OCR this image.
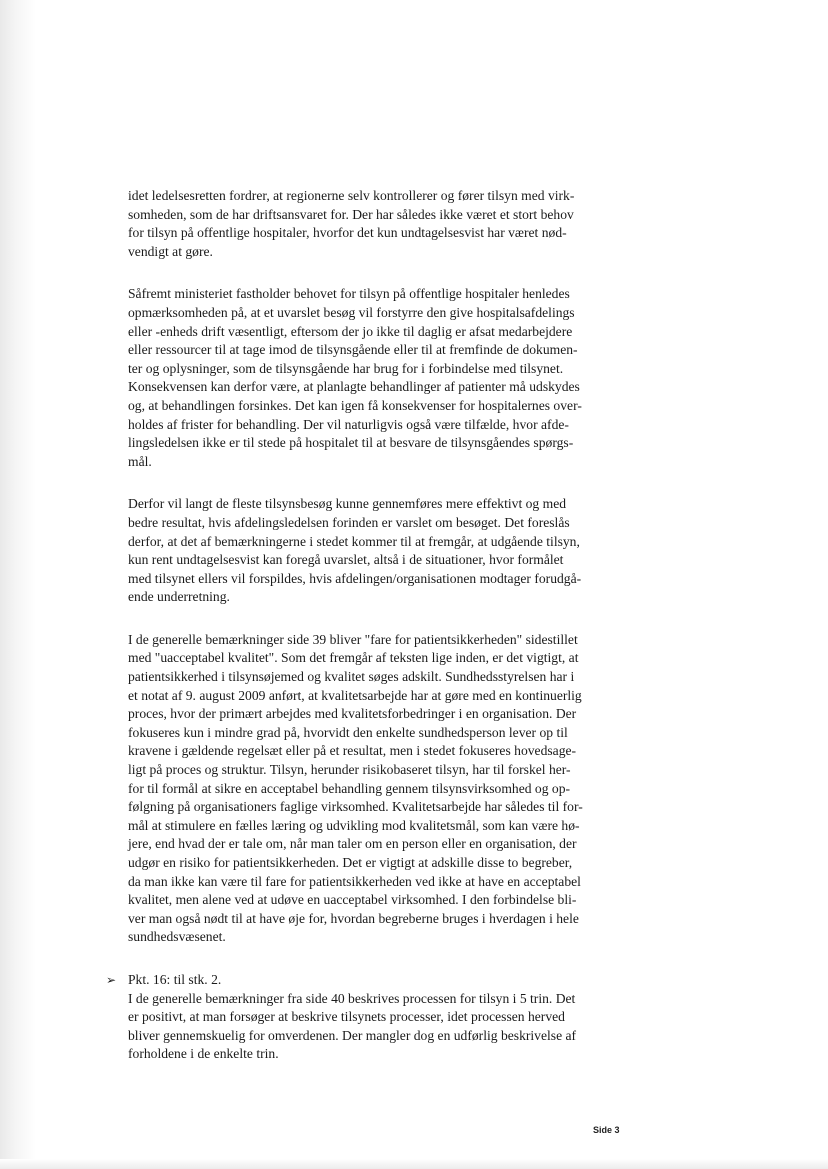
idet ledelsesretten fordrer, at regionerne selv kontrollerer og fører tilsyn med virk-
somheden, som de har driftsansvaret for. Der har således ikke været et stort behov
for tilsyn på offentlige hospitaler, hvorfor det kun undtagelsesvist har været nød-
vendigt at gøre.

Såfremt ministeriet fastholder behovet for tilsyn på offentlige hospitaler henledes
opmærksomheden på, at et uvarslet besøg vil forstyrre den give hospitalsafdelings
eller -enheds drift væsentligt, eftersom der jo ikke til daglig er afsat medarbejdere
eller ressourcer til at tage imod de tilsynsgående eller til at fremfinde de dokumen-
ter og oplysninger, som de tilsynsgående har brug for i forbindelse med tilsynet.
Konsekvensen kan derfor være, at planlagte behandlinger af patienter må udskydes
og, at behandlingen forsinkes. Det kan igen få konsekvenser for hospitalernes over-
holdes af frister for behandling. Der vil naturligvis også være tilfælde, hvor afde-
lingsledelsen ikke er til stede på hospitalet til at besvare de tilsynsgåendes spørgs-
mål.

Derfor vil langt de fleste tilsynsbesøg kunne gennemføres mere effektivt og med
bedre resultat, hvis afdelingsledelsen forinden er varslet om besøget. Det foreslås
derfor, at det af bemærkningerne i stedet kommer til at fremgår, at udgående tilsyn,
kun rent undtagelsesvist kan foregå uvarslet, altså i de situationer, hvor formålet
med tilsynet ellers vil forspildes, hvis afdelingen/organisationen modtager forudgå-
ende underretning.

I de generelle bemærkninger side 39 bliver "fare for patientsikkerheden" sidestillet
med "uacceptabel kvalitet". Som det fremgår af teksten lige inden, er det vigtigt, at
patientsikkerhed i tilsynsøjemed og kvalitet søges adskilt. Sundhedsstyrelsen har i
et notat af 9. august 2009 anført, at kvalitetsarbejde har at gøre med en kontinuerlig
proces, hvor der primært arbejdes med kvalitetsforbedringer i en organisation. Der
fokuseres kun i mindre grad på, hvorvidt den enkelte sundhedsperson lever op til
kravene i gældende regelsæt eller på et resultat, men i stedet fokuseres hovedsage-
ligt på proces og struktur. Tilsyn, herunder risikobaseret tilsyn, har til forskel her-
for til formål at sikre en acceptabel behandling gennem tilsynsvirksomhed og op-
følgning på organisationers faglige virksomhed. Kvalitetsarbejde har således til for-
mål at stimulere en fælles læring og udvikling mod kvalitetsmål, som kan være hø-
jere, end hvad der er tale om, når man taler om en person eller en organisation, der
udgør en risiko for patientsikkerheden. Det er vigtigt at adskille disse to begreber,
da man ikke kan være til fare for patientsikkerheden ved ikke at have en acceptabel
kvalitet, men alene ved at udøve en uacceptabel virksomhed. I den forbindelse bli-
ver man også nødt til at have øje for, hvordan begreberne bruges i hverdagen i hele
sundhedsvæsenet.

➢ Pkt. 16: til stk. 2.

I de generelle bemærkninger fra side 40 beskrives processen for tilsyn i 5 trin. Det
er positivt, at man forsøger at beskrive tilsynets processer, idet processen herved
bliver gennemskuelig for omverdenen. Der mangler dog en udførlig beskrivelse af
forholdene i de enkelte trin.
Side 3
